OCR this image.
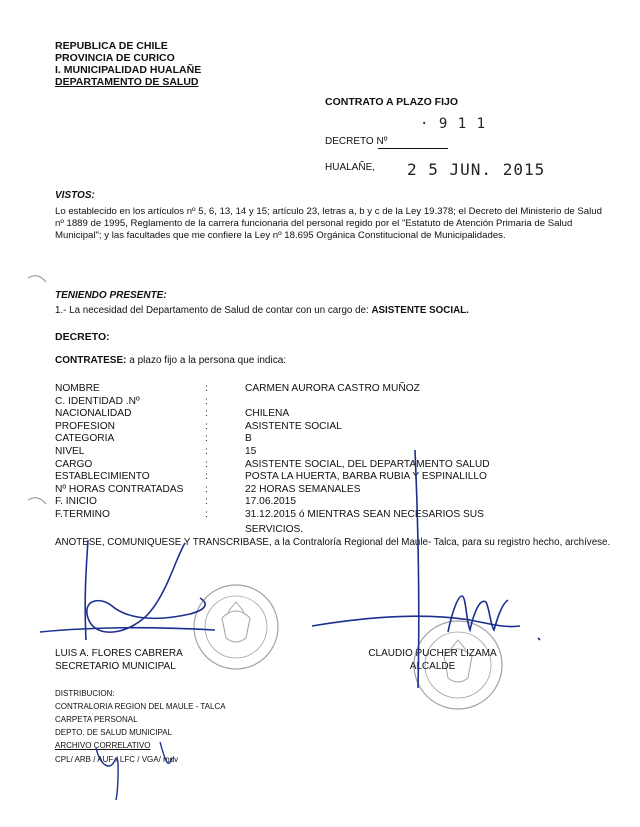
REPUBLICA DE CHILE
PROVINCIA DE CURICO
I. MUNICIPALIDAD HUALAÑE
DEPARTAMENTO DE SALUD
CONTRATO A PLAZO FIJO
DECRETO Nº
· 9 1 1
HUALAÑE, 2 5 JUN. 2015
VISTOS:
Lo establecido en los artículos nº 5, 6, 13, 14 y 15; artículo 23, letras a, b y c de la Ley 19.378; el Decreto del Ministerio de Salud nº 1889 de 1995, Reglamento de la carrera funcionaria del personal regido por el "Estatuto de Atención Primaria de Salud Municipal"; y las facultades que me confiere la Ley nº 18.695 Orgánica Constitucional de Municipalidades.
TENIENDO PRESENTE:
1.- La necesidad del Departamento de Salud de contar con un cargo de: ASISTENTE SOCIAL.
DECRETO:
CONTRATESE: a plazo fijo a la persona que indica:
NOMBRE	:	CARMEN AURORA CASTRO MUÑOZ
C. IDENTIDAD .Nº	:	
NACIONALIDAD	:	CHILENA
PROFESION	:	ASISTENTE SOCIAL
CATEGORIA	:	B
NIVEL	:	15
CARGO	:	ASISTENTE SOCIAL, DEL DEPARTAMENTO SALUD
ESTABLECIMIENTO	:	POSTA LA HUERTA, BARBA RUBIA Y ESPINALILLO
Nº HORAS CONTRATADAS	:	22 HORAS SEMANALES
F. INICIO	:	17.06.2015
F.TERMINO	:	31.12.2015 ó MIENTRAS SEAN NECESARIOS SUS
SERVICIOS.
ANOTESE, COMUNIQUESE Y TRANSCRIBASE, a la Contraloría Regional del Maule- Talca, para su registro hecho, archívese.
LUIS A. FLORES CABRERA
SECRETARIO MUNICIPAL
CLAUDIO PUCHER LIZAMA
ALCALDE
DISTRIBUCION:
CONTRALORIA REGION DEL MAULE - TALCA
CARPETA PERSONAL
DEPTO. DE SALUD MUNICIPAL
ARCHIVO CORRELATIVO
CPL/ ARB / AUF / LFC / VGA/ mdv
